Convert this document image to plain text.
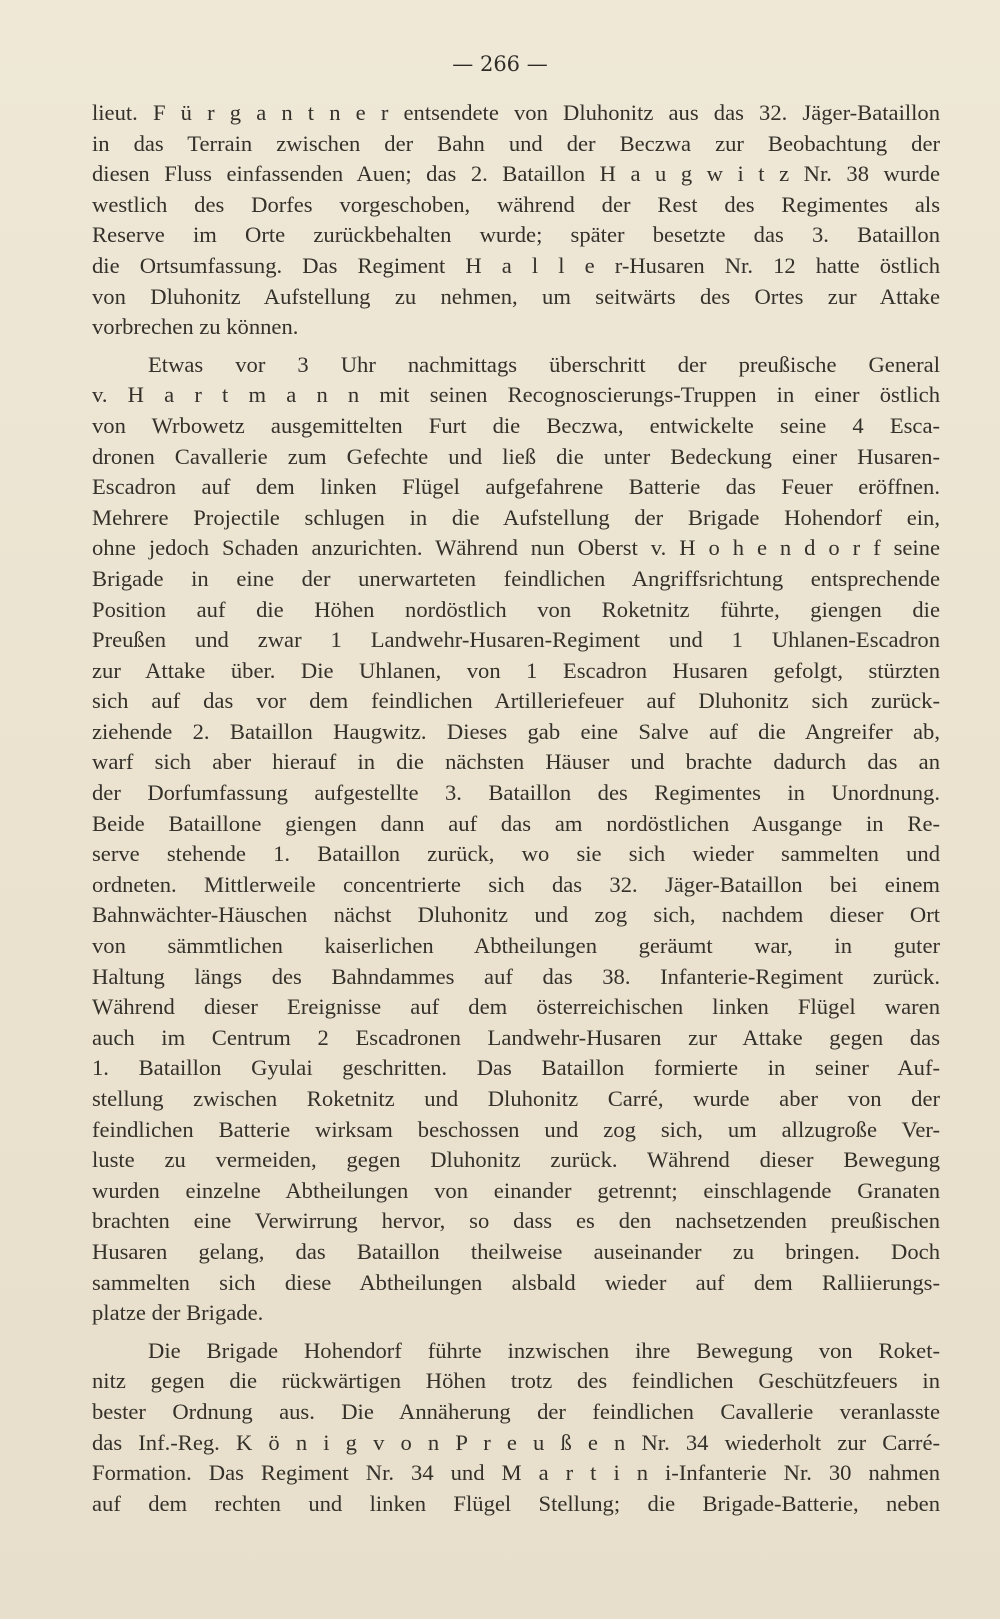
— 266 —
lieut. F ü r g a n t n e r entsendete von Dluhonitz aus das 32. Jäger-Bataillon
in das Terrain zwischen der Bahn und der Beczwa zur Beobachtung der
diesen Fluss einfassenden Auen; das 2. Bataillon H a u g w i t z Nr. 38 wurde
westlich des Dorfes vorgeschoben, während der Rest des Regimentes als
Reserve im Orte zurückbehalten wurde; später besetzte das 3. Bataillon
die Ortsumfassung. Das Regiment H a l l e r-Husaren Nr. 12 hatte östlich
von Dluhonitz Aufstellung zu nehmen, um seitwärts des Ortes zur Attake
vorbrechen zu können.
Etwas vor 3 Uhr nachmittags überschritt der preußische General
v. H a r t m a n n mit seinen Recognoscierungs-Truppen in einer östlich
von Wrbowetz ausgemittelten Furt die Beczwa, entwickelte seine 4 Esca-
dronen Cavallerie zum Gefechte und ließ die unter Bedeckung einer Husaren-
Escadron auf dem linken Flügel aufgefahrene Batterie das Feuer eröffnen.
Mehrere Projectile schlugen in die Aufstellung der Brigade Hohendorf ein,
ohne jedoch Schaden anzurichten. Während nun Oberst v. H o h e n d o r f seine
Brigade in eine der unerwarteten feindlichen Angriffsrichtung entsprechende
Position auf die Höhen nordöstlich von Roketnitz führte, giengen die
Preußen und zwar 1 Landwehr-Husaren-Regiment und 1 Uhlanen-Escadron
zur Attake über. Die Uhlanen, von 1 Escadron Husaren gefolgt, stürzten
sich auf das vor dem feindlichen Artilleriefeuer auf Dluhonitz sich zurück-
ziehende 2. Bataillon Haugwitz. Dieses gab eine Salve auf die Angreifer ab,
warf sich aber hierauf in die nächsten Häuser und brachte dadurch das an
der Dorfumfassung aufgestellte 3. Bataillon des Regimentes in Unordnung.
Beide Bataillone giengen dann auf das am nordöstlichen Ausgange in Re-
serve stehende 1. Bataillon zurück, wo sie sich wieder sammelten und
ordneten. Mittlerweile concentrierte sich das 32. Jäger-Bataillon bei einem
Bahnwächter-Häuschen nächst Dluhonitz und zog sich, nachdem dieser Ort
von sämmtlichen kaiserlichen Abtheilungen geräumt war, in guter
Haltung längs des Bahndammes auf das 38. Infanterie-Regiment zurück.
Während dieser Ereignisse auf dem österreichischen linken Flügel waren
auch im Centrum 2 Escadronen Landwehr-Husaren zur Attake gegen das
1. Bataillon Gyulai geschritten. Das Bataillon formierte in seiner Auf-
stellung zwischen Roketnitz und Dluhonitz Carré, wurde aber von der
feindlichen Batterie wirksam beschossen und zog sich, um allzugroße Ver-
luste zu vermeiden, gegen Dluhonitz zurück. Während dieser Bewegung
wurden einzelne Abtheilungen von einander getrennt; einschlagende Granaten
brachten eine Verwirrung hervor, so dass es den nachsetzenden preußischen
Husaren gelang, das Bataillon theilweise auseinander zu bringen. Doch
sammelten sich diese Abtheilungen alsbald wieder auf dem Ralliierungs-
platze der Brigade.
Die Brigade Hohendorf führte inzwischen ihre Bewegung von Roket-
nitz gegen die rückwärtigen Höhen trotz des feindlichen Geschützfeuers in
bester Ordnung aus. Die Annäherung der feindlichen Cavallerie veranlasste
das Inf.-Reg. K ö n i g v o n P r e u ß e n Nr. 34 wiederholt zur Carré-
Formation. Das Regiment Nr. 34 und M a r t i n i-Infanterie Nr. 30 nahmen
auf dem rechten und linken Flügel Stellung; die Brigade-Batterie, neben
